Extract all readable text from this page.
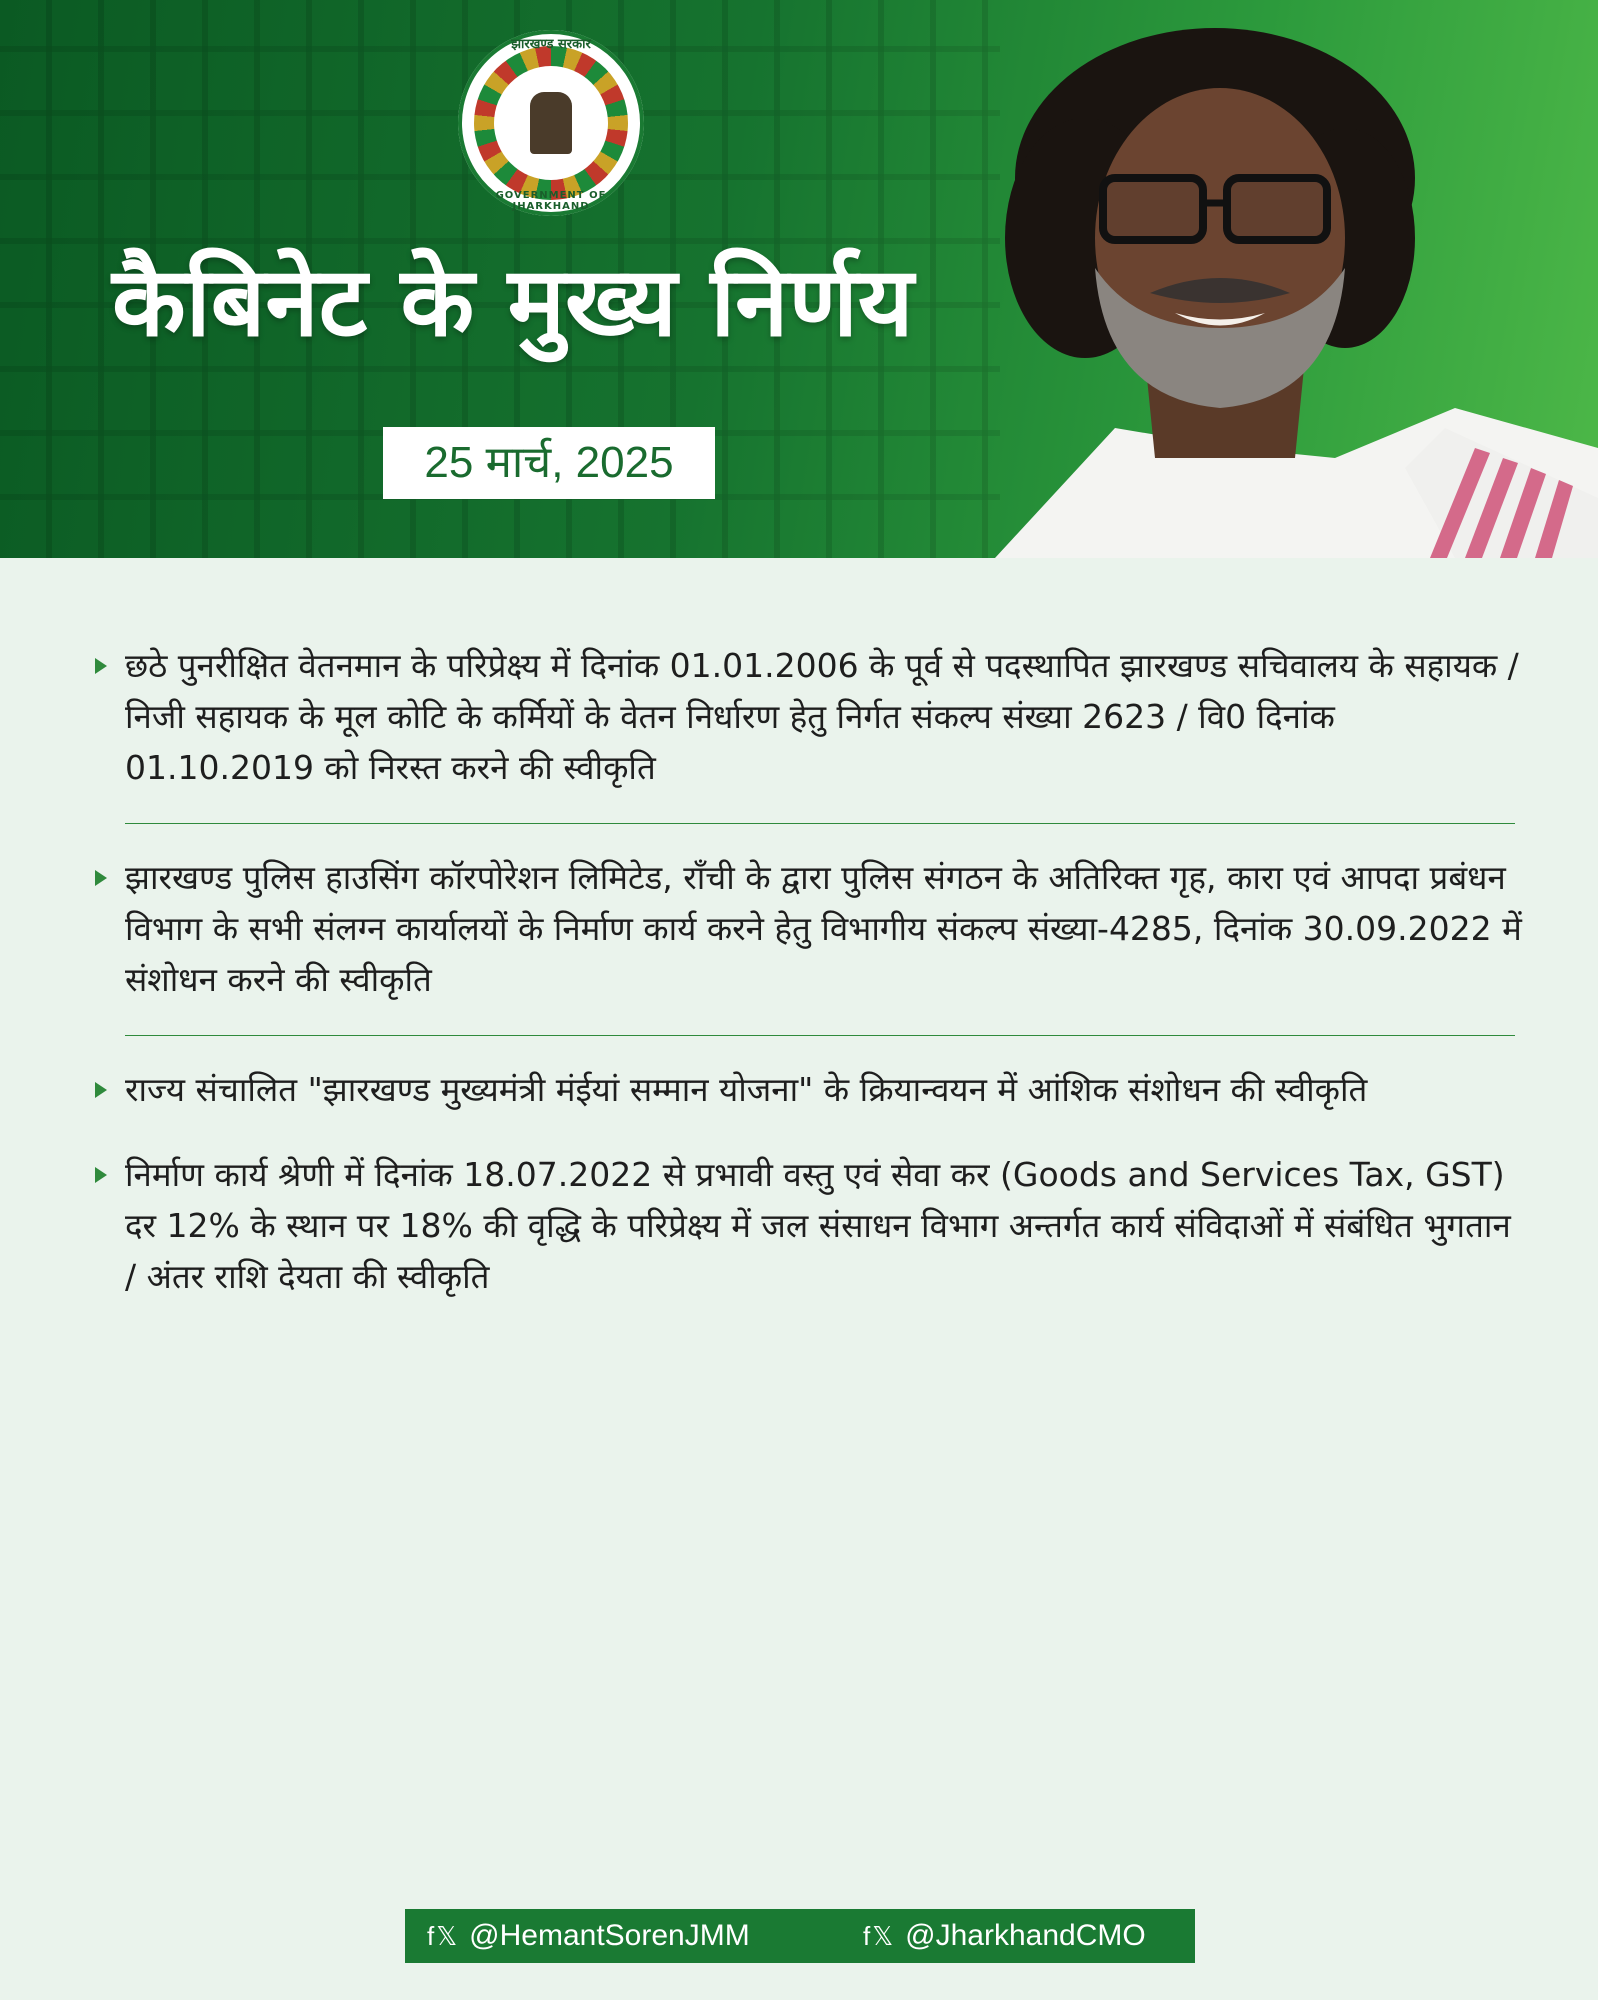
झारखण्ड सरकार
GOVERNMENT OF JHARKHAND
कैबिनेट के मुख्य निर्णय
25 मार्च, 2025
छठे पुनरीक्षित वेतनमान के परिप्रेक्ष्य में दिनांक 01.01.2006 के पूर्व से पदस्थापित झारखण्ड सचिवालय के सहायक / निजी सहायक के मूल कोटि के कर्मियों के वेतन निर्धारण हेतु निर्गत संकल्प संख्या 2623 / वि0 दिनांक 01.10.2019 को निरस्त करने की स्वीकृति
झारखण्ड पुलिस हाउसिंग कॉरपोरेशन लिमिटेड, राँची के द्वारा पुलिस संगठन के अतिरिक्त गृह, कारा एवं आपदा प्रबंधन विभाग के सभी संलग्न कार्यालयों के निर्माण कार्य करने हेतु विभागीय संकल्प संख्या-4285, दिनांक 30.09.2022 में संशोधन करने की स्वीकृति
राज्य संचालित "झारखण्ड मुख्यमंत्री मंईयां सम्मान योजना" के क्रियान्वयन में आंशिक संशोधन की स्वीकृति
निर्माण कार्य श्रेणी में दिनांक 18.07.2022 से प्रभावी वस्तु एवं सेवा कर (Goods and Services Tax, GST) दर 12% के स्थान पर 18% की वृद्धि के परिप्रेक्ष्य में जल संसाधन विभाग अन्तर्गत कार्य संविदाओं में संबंधित भुगतान / अंतर राशि देयता की स्वीकृति
f𝕏 @HemantSorenJMM	f𝕏 @JharkhandCMO
